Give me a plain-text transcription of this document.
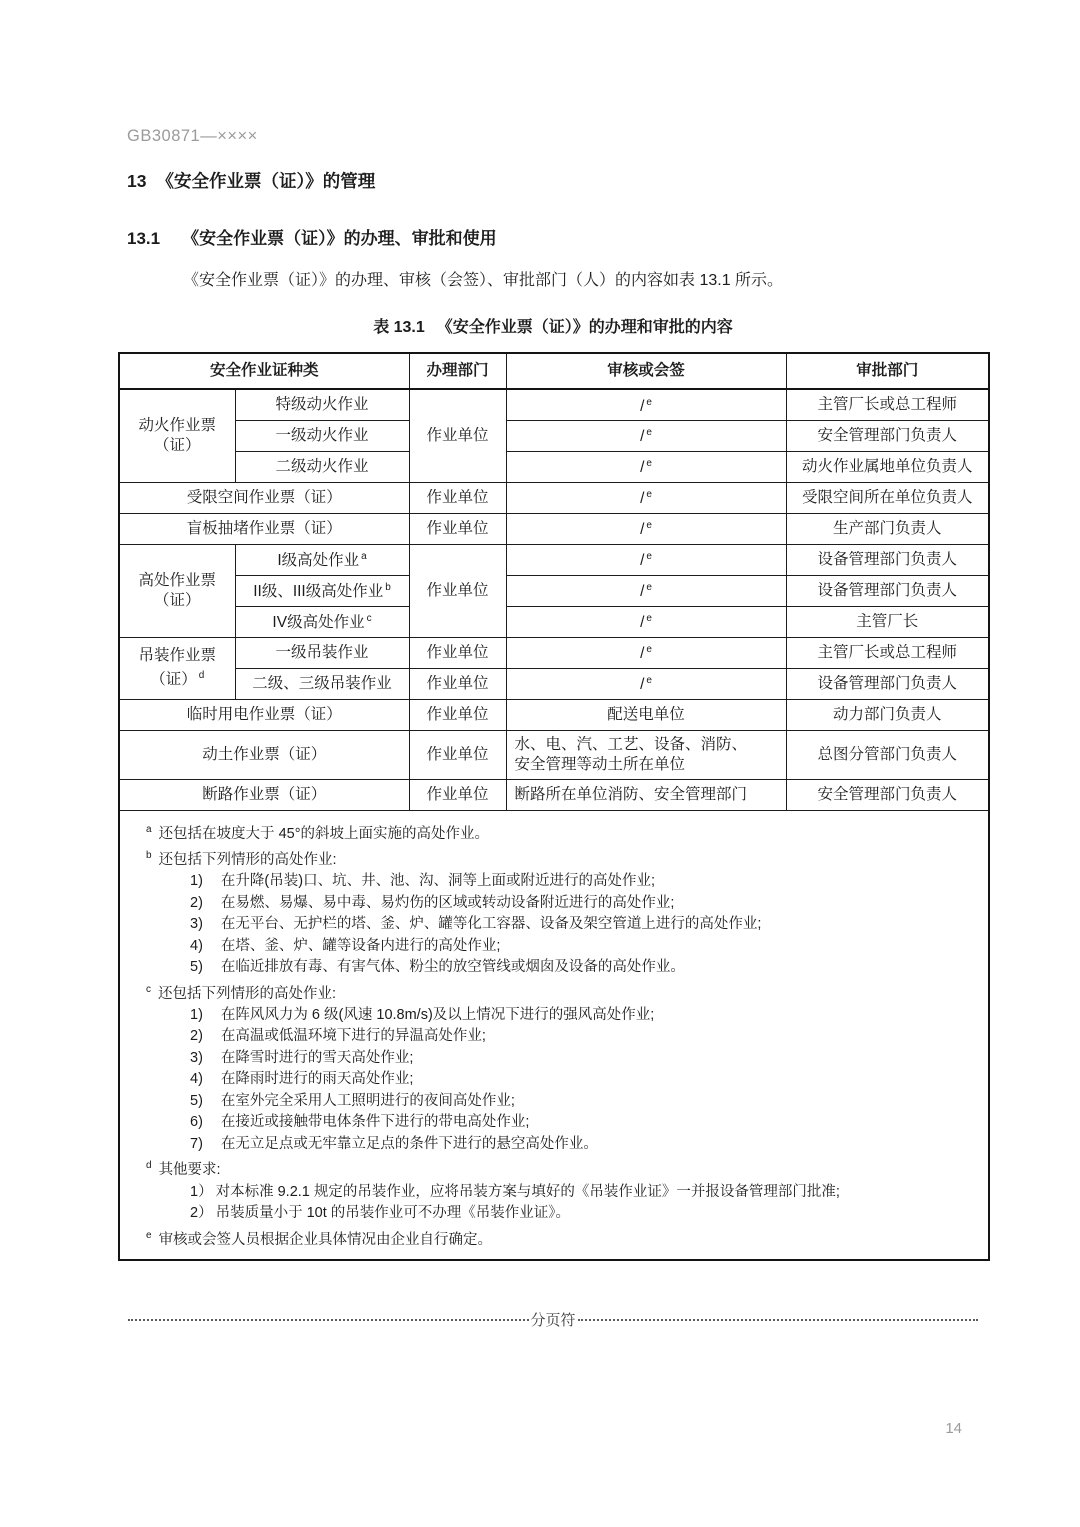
GB30871—××××
13 《安全作业票（证）》的管理
13.1 《安全作业票（证）》的办理、审批和使用

《安全作业票（证）》的办理、审核（会签）、审批部门（人）的内容如表 13.1 所示。

表 13.1 《安全作业票（证）》的办理和审批的内容
安全作业证种类		办理部门	审核或会签	审批部门
动火作业票
（证）	特级动火作业	作业单位	/ $^e$	主管厂长或总工程师
	一级动火作业		/ $^e$	安全管理部门负责人
	二级动火作业		/ $^e$	动火作业属地单位负责人
受限空间作业票（证）		作业单位	/ $^e$	受限空间所在单位负责人
盲板抽堵作业票（证）		作业单位	/ $^e$	生产部门负责人
高处作业票
（证）	I级高处作业 $^a$	作业单位	/ $^e$	设备管理部门负责人
	II级、III级高处作业 $^b$		/ $^e$	设备管理部门负责人
	IV级高处作业 $^c$		/ $^e$	主管厂长
吊装作业票
（证） $^d$	一级吊装作业	作业单位	/ $^e$	主管厂长或总工程师
	二级、三级吊装作业	作业单位	/ $^e$	设备管理部门负责人
临时用电作业票（证）		作业单位	配送电单位	动力部门负责人
动土作业票（证）		作业单位	水、电、汽、工艺、设备、消防、
安全管理等动土所在单位	总图分管部门负责人
断路作业票（证）		作业单位	断路所在单位消防、安全管理部门	安全管理部门负责人

$^a$ 还包括在坡度大于 45°的斜坡上面实施的高处作业。
$^b$ 还包括下列情形的高处作业:
1) 在升降(吊装)口、坑、井、池、沟、洞等上面或附近进行的高处作业;
2) 在易燃、易爆、易中毒、易灼伤的区域或转动设备附近进行的高处作业;
3) 在无平台、无护栏的塔、釜、炉、罐等化工容器、设备及架空管道上进行的高处作业;
4) 在塔、釜、炉、罐等设备内进行的高处作业;
5) 在临近排放有毒、有害气体、粉尘的放空管线或烟囱及设备的高处作业。
$^c$ 还包括下列情形的高处作业:
1) 在阵风风力为 6 级(风速 10.8m/s)及以上情况下进行的强风高处作业;
2) 在高温或低温环境下进行的异温高处作业;
3) 在降雪时进行的雪天高处作业;
4) 在降雨时进行的雨天高处作业;
5) 在室外完全采用人工照明进行的夜间高处作业;
6) 在接近或接触带电体条件下进行的带电高处作业;
7) 在无立足点或无牢靠立足点的条件下进行的悬空高处作业。
$^d$ 其他要求:
1） 对本标准 9.2.1 规定的吊装作业，应将吊装方案与填好的《吊装作业证》一并报设备管理部门批准;
2） 吊装质量小于 10t 的吊装作业可不办理《吊装作业证》。
$^e$ 审核或会签人员根据企业具体情况由企业自行确定。
分页符
14
